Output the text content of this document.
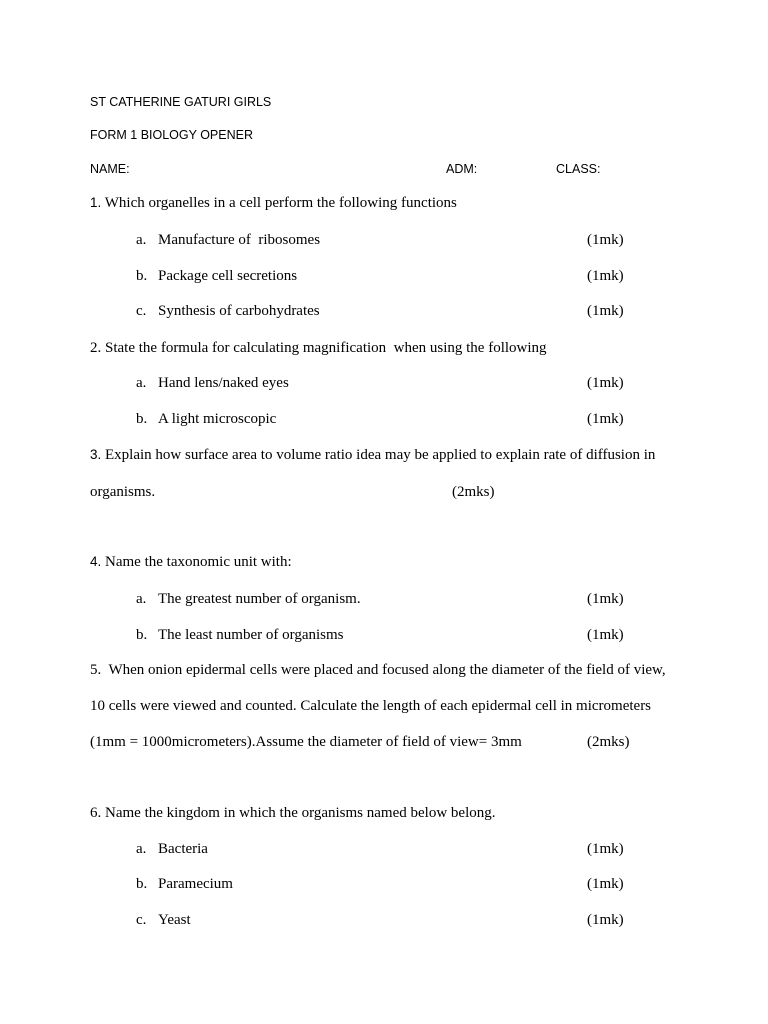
ST CATHERINE GATURI GIRLS
FORM 1 BIOLOGY OPENER
NAME:	ADM:	CLASS:
1. Which organelles in a cell perform the following functions
a. Manufacture of  ribosomes	(1mk)
b. Package cell secretions	(1mk)
c. Synthesis of carbohydrates	(1mk)
2. State the formula for calculating magnification  when using the following
a. Hand lens/naked eyes	(1mk)
b. A light microscopic	(1mk)
3. Explain how surface area to volume ratio idea may be applied to explain rate of diffusion in
organisms.	(2mks)
4. Name the taxonomic unit with:
a. The greatest number of organism.	(1mk)
b. The least number of organisms	(1mk)
5. When onion epidermal cells were placed and focused along the diameter of the field of view,
10 cells were viewed and counted. Calculate the length of each epidermal cell in micrometers
(1mm = 1000micrometers).Assume the diameter of field of view= 3mm	(2mks)
6. Name the kingdom in which the organisms named below belong.
a. Bacteria	(1mk)
b. Paramecium	(1mk)
c. Yeast	(1mk)
